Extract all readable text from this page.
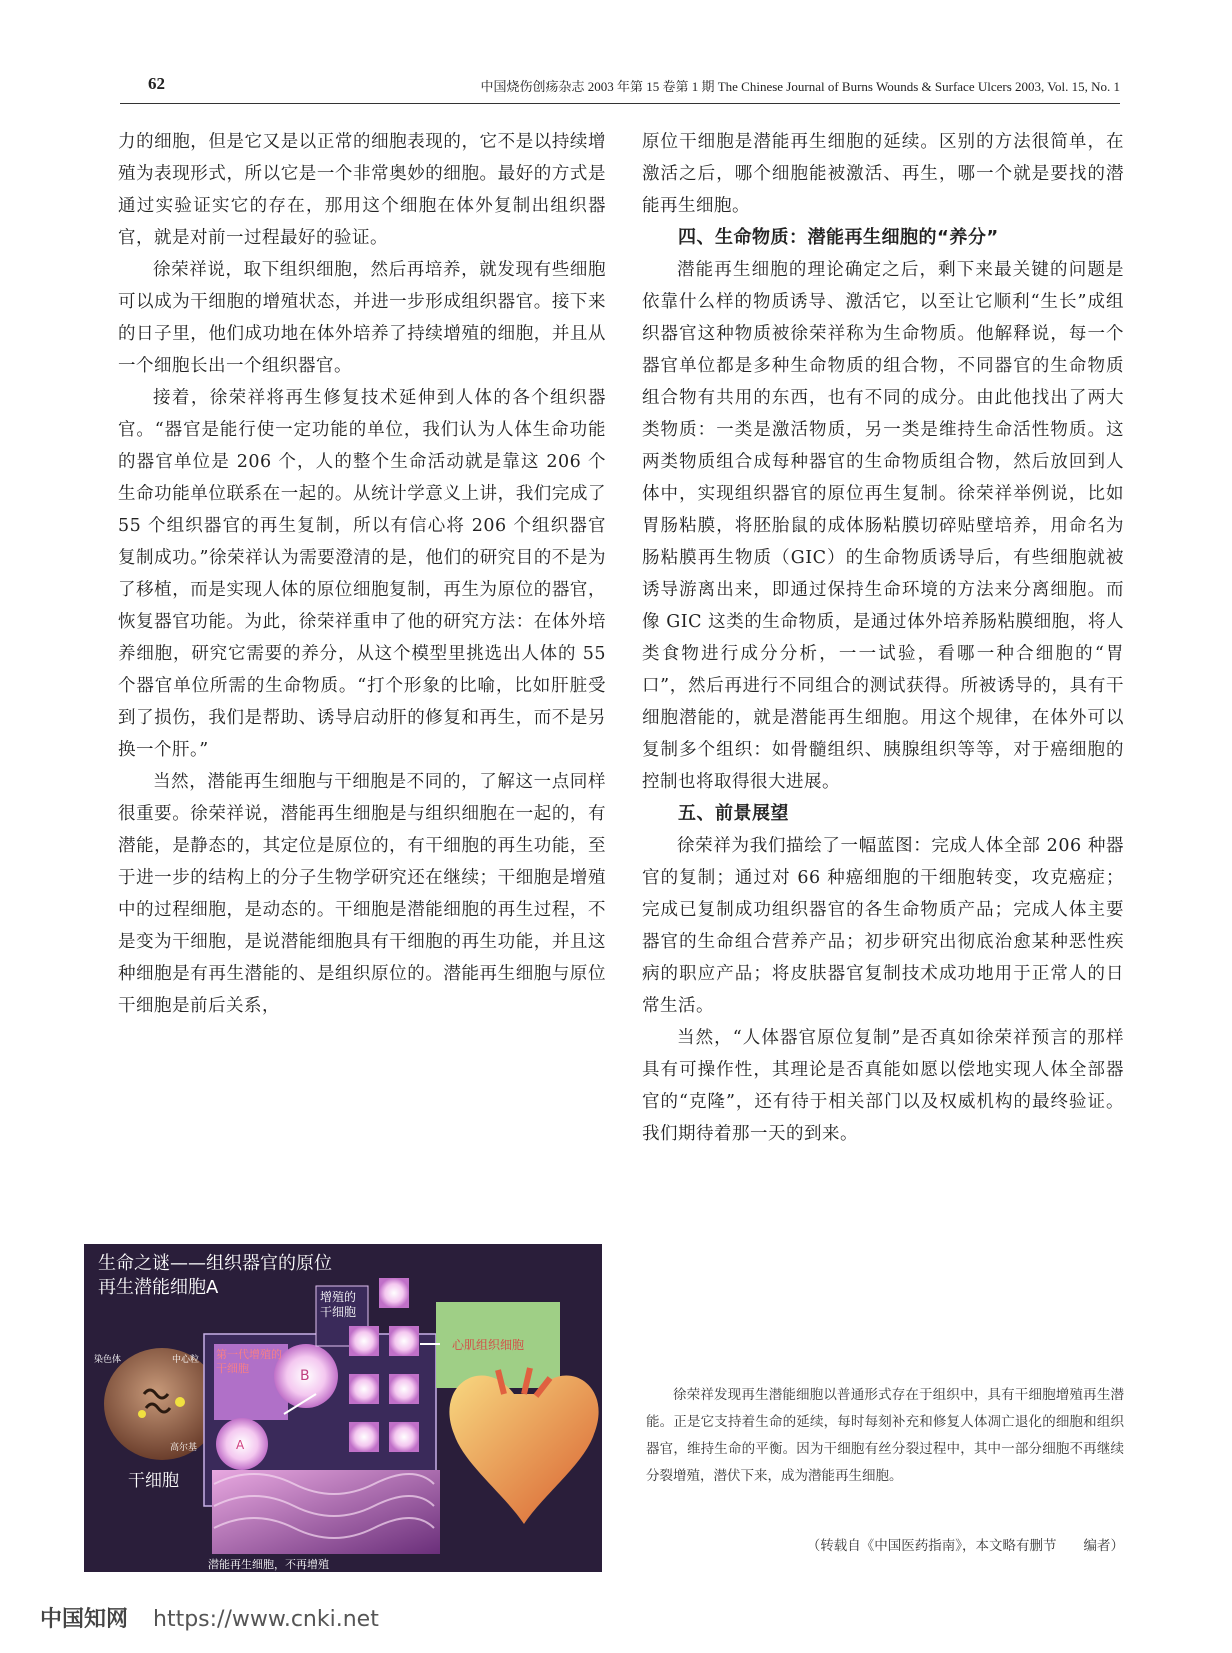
62	中国烧伤创疡杂志 2003 年第 15 卷第 1 期 The Chinese Journal of Burns Wounds & Surface Ulcers 2003, Vol. 15, No. 1

力的细胞，但是它又是以正常的细胞表现的，它不是以持续增殖为表现形式，所以它是一个非常奥妙的细胞。最好的方式是通过实验证实它的存在，那用这个细胞在体外复制出组织器官，就是对前一过程最好的验证。

徐荣祥说，取下组织细胞，然后再培养，就发现有些细胞可以成为干细胞的增殖状态，并进一步形成组织器官。接下来的日子里，他们成功地在体外培养了持续增殖的细胞，并且从一个细胞长出一个组织器官。

接着，徐荣祥将再生修复技术延伸到人体的各个组织器官。“器官是能行使一定功能的单位，我们认为人体生命功能的器官单位是 206 个，人的整个生命活动就是靠这 206 个生命功能单位联系在一起的。从统计学意义上讲，我们完成了 55 个组织器官的再生复制，所以有信心将 206 个组织器官复制成功。”徐荣祥认为需要澄清的是，他们的研究目的不是为了移植，而是实现人体的原位细胞复制，再生为原位的器官，恢复器官功能。为此，徐荣祥重申了他的研究方法：在体外培养细胞，研究它需要的养分，从这个模型里挑选出人体的 55 个器官单位所需的生命物质。“打个形象的比喻，比如肝脏受到了损伤，我们是帮助、诱导启动肝的修复和再生，而不是另换一个肝。”

当然，潜能再生细胞与干细胞是不同的，了解这一点同样很重要。徐荣祥说，潜能再生细胞是与组织细胞在一起的，有潜能，是静态的，其定位是原位的，有干细胞的再生功能，至于进一步的结构上的分子生物学研究还在继续；干细胞是增殖中的过程细胞，是动态的。干细胞是潜能细胞的再生过程，不是变为干细胞，是说潜能细胞具有干细胞的再生功能，并且这种细胞是有再生潜能的、是组织原位的。潜能再生细胞与原位干细胞是前后关系，

原位干细胞是潜能再生细胞的延续。区别的方法很简单，在激活之后，哪个细胞能被激活、再生，哪一个就是要找的潜能再生细胞。

四、生命物质：潜能再生细胞的“养分”

潜能再生细胞的理论确定之后，剩下来最关键的问题是依靠什么样的物质诱导、激活它，以至让它顺利“生长”成组织器官这种物质被徐荣祥称为生命物质。他解释说，每一个器官单位都是多种生命物质的组合物，不同器官的生命物质组合物有共用的东西，也有不同的成分。由此他找出了两大类物质：一类是激活物质，另一类是维持生命活性物质。这两类物质组合成每种器官的生命物质组合物，然后放回到人体中，实现组织器官的原位再生复制。徐荣祥举例说，比如胃肠粘膜，将胚胎鼠的成体肠粘膜切碎贴壁培养，用命名为肠粘膜再生物质（GIC）的生命物质诱导后，有些细胞就被诱导游离出来，即通过保持生命环境的方法来分离细胞。而像 GIC 这类的生命物质，是通过体外培养肠粘膜细胞，将人类食物进行成分分析，一一试验，看哪一种合细胞的“胃口”，然后再进行不同组合的测试获得。所被诱导的，具有干细胞潜能的，就是潜能再生细胞。用这个规律，在体外可以复制多个组织：如骨髓组织、胰腺组织等等，对于癌细胞的控制也将取得很大进展。

五、前景展望

徐荣祥为我们描绘了一幅蓝图：完成人体全部 206 种器官的复制；通过对 66 种癌细胞的干细胞转变，攻克癌症；完成已复制成功组织器官的各生命物质产品；完成人体主要器官的生命组合营养产品；初步研究出彻底治愈某种恶性疾病的职应产品；将皮肤器官复制技术成功地用于正常人的日常生活。

当然，“人体器官原位复制”是否真如徐荣祥预言的那样具有可操作性，其理论是否真能如愿以偿地实现人体全部器官的“克隆”，还有待于相关部门以及权威机构的最终验证。我们期待着那一天的到来。

生命之谜——组织器官的原位
再生潜能细胞A	增殖的干细胞
第一代增殖的干细胞
心肌组织细胞
干细胞
潜能再生细胞，不再增殖
A
B
染色体	中心粒
高尔基
徐荣祥发现再生潜能细胞以普通形式存在于组织中，具有干细胞增殖再生潜能。正是它支持着生命的延续，每时每刻补充和修复人体凋亡退化的细胞和组织器官，维持生命的平衡。因为干细胞有丝分裂过程中，其中一部分细胞不再继续分裂增殖，潜伏下来，成为潜能再生细胞。
（转载自《中国医药指南》，本文略有删节　　编者）
中国知网 https://www.cnki.net
